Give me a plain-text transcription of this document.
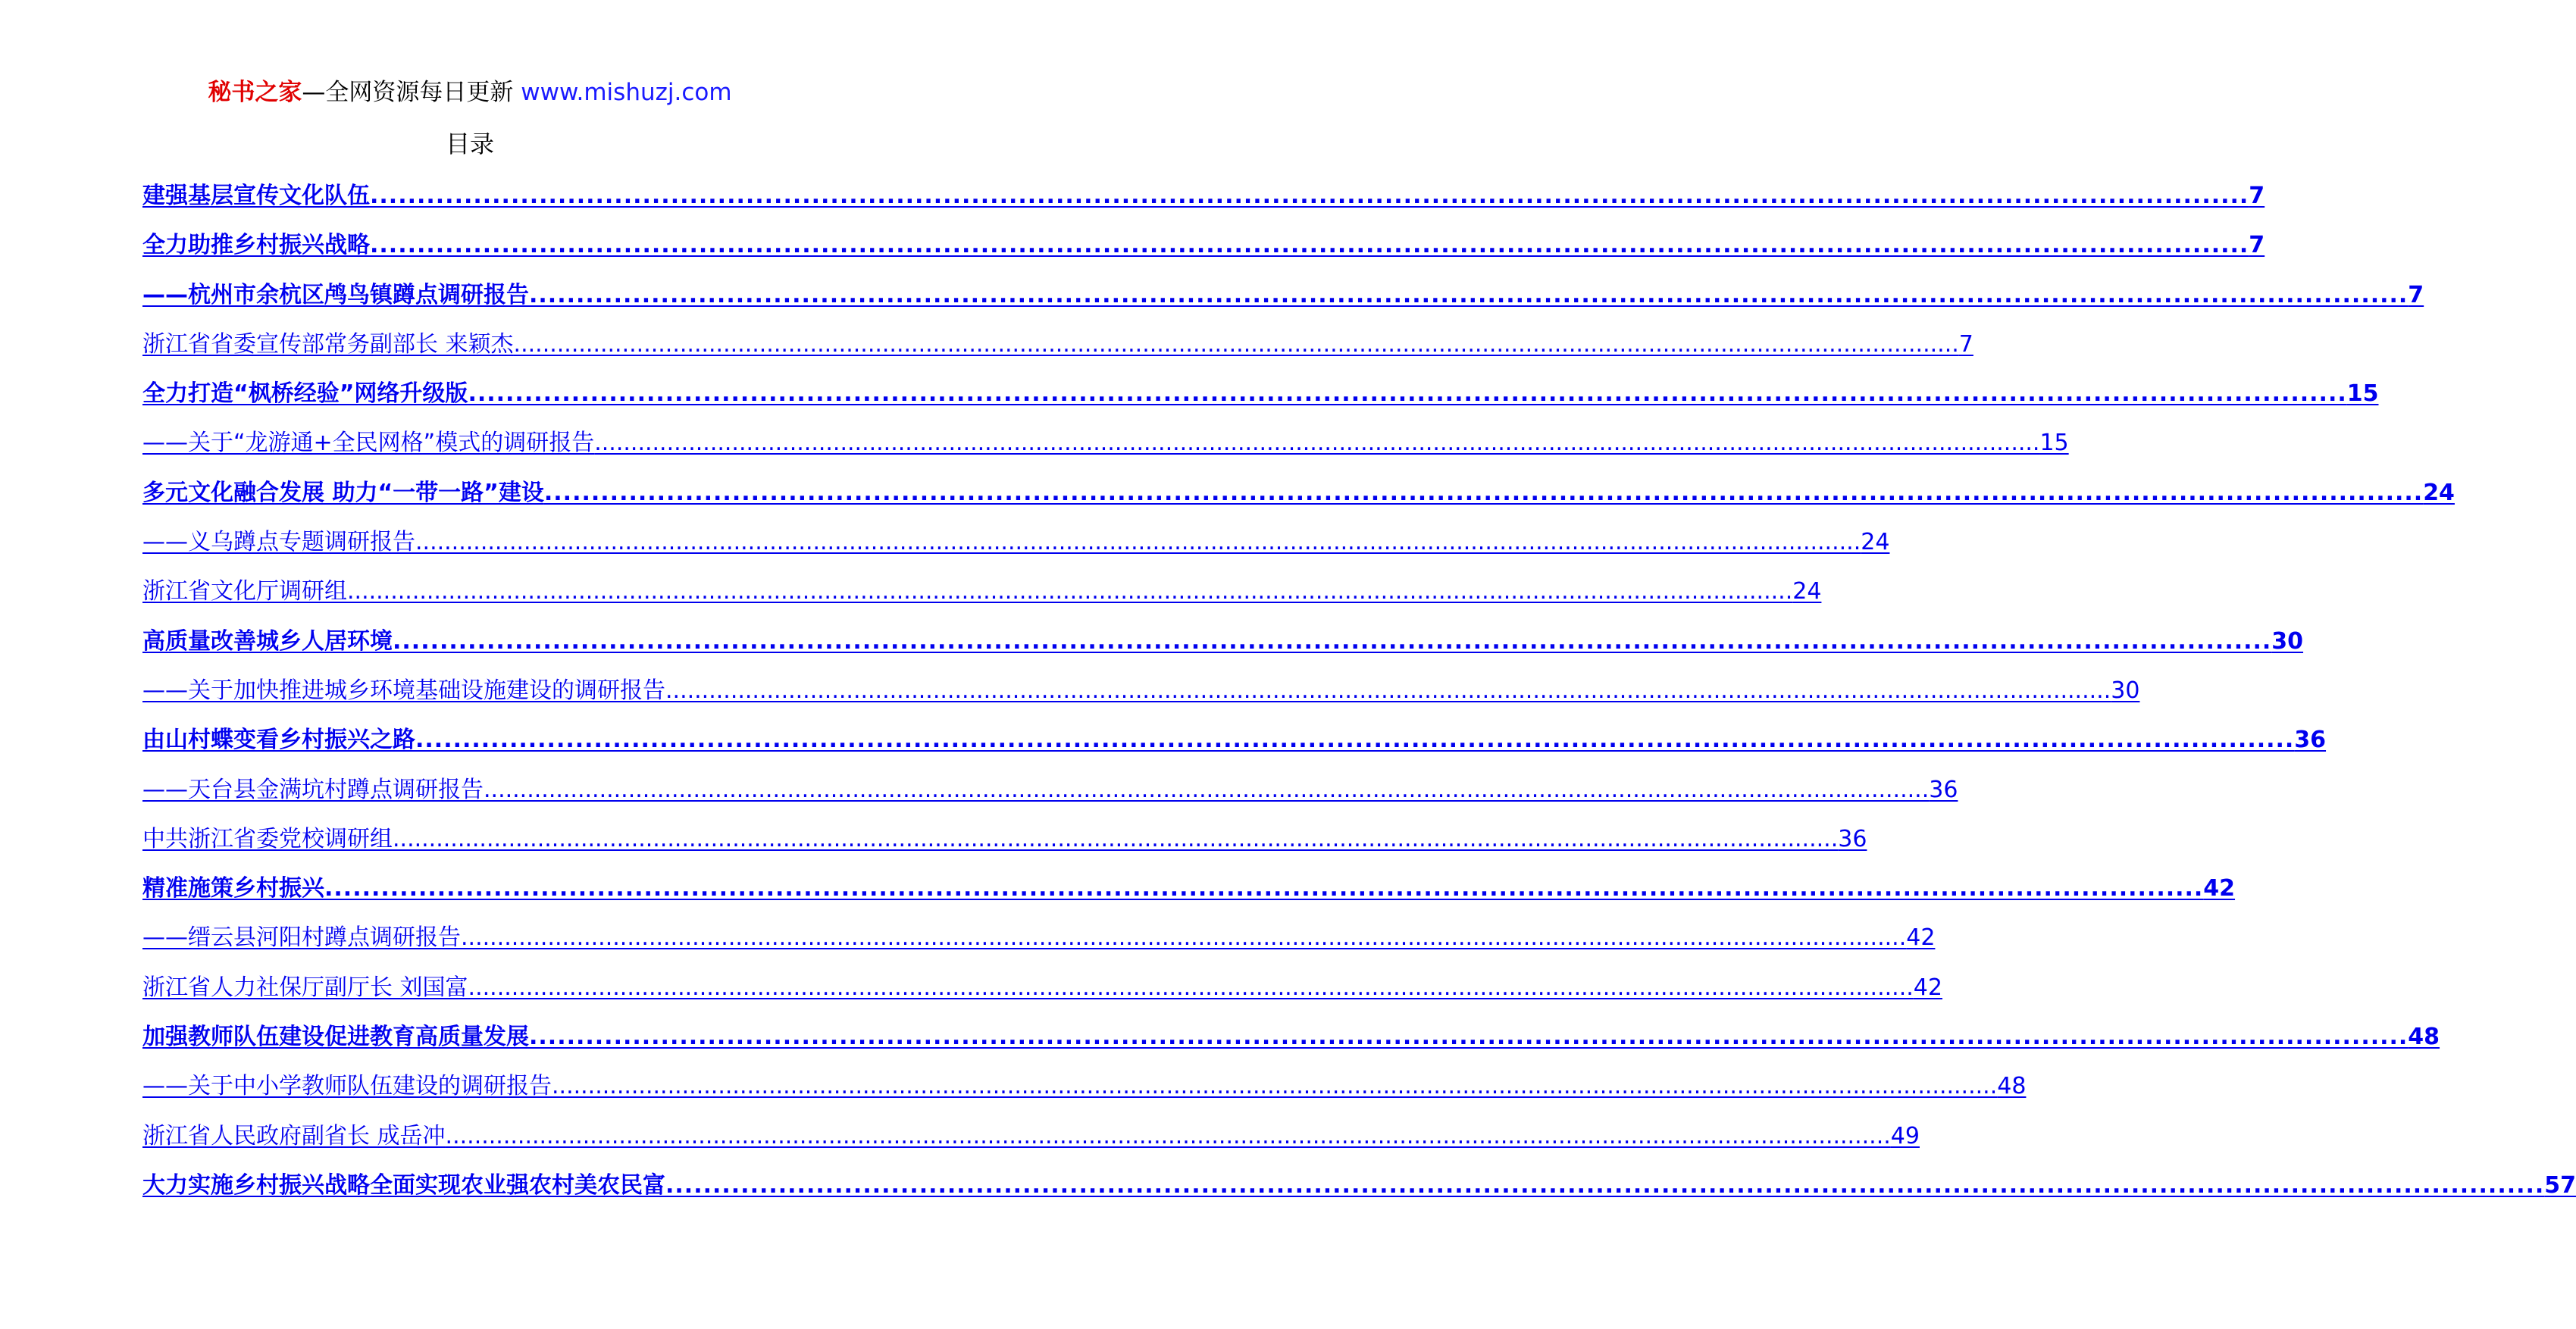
秘书之家—全网资源每日更新 www.mishuzj.com
目录
建强基层宣传文化队伍 ........................................................................................................................................................................................................ 7
全力助推乡村振兴战略 ........................................................................................................................................................................................................ 7
——杭州市余杭区鸬鸟镇蹲点调研报告 ........................................................................................................................................................................................................ 7
浙江省省委宣传部常务副部长 来颖杰 ........................................................................................................................................................................................................ 7
全力打造“枫桥经验”网络升级版 ........................................................................................................................................................................................................ 15
——关于“龙游通+全民网格”模式的调研报告 ........................................................................................................................................................................................................ 15
多元文化融合发展 助力“一带一路”建设 ........................................................................................................................................................................................................ 24
——义乌蹲点专题调研报告 ........................................................................................................................................................................................................ 24
浙江省文化厅调研组 ........................................................................................................................................................................................................ 24
高质量改善城乡人居环境 ........................................................................................................................................................................................................ 30
——关于加快推进城乡环境基础设施建设的调研报告 ........................................................................................................................................................................................................ 30
由山村蝶变看乡村振兴之路 ........................................................................................................................................................................................................ 36
——天台县金满坑村蹲点调研报告 ........................................................................................................................................................................................................ 36
中共浙江省委党校调研组 ........................................................................................................................................................................................................ 36
精准施策乡村振兴 ........................................................................................................................................................................................................ 42
——缙云县河阳村蹲点调研报告 ........................................................................................................................................................................................................ 42
浙江省人力社保厅副厅长 刘国富 ........................................................................................................................................................................................................ 42
加强教师队伍建设促进教育高质量发展 ........................................................................................................................................................................................................ 48
——关于中小学教师队伍建设的调研报告 ........................................................................................................................................................................................................ 48
浙江省人民政府副省长 成岳冲 ........................................................................................................................................................................................................ 49
大力实施乡村振兴战略全面实现农业强农村美农民富 ........................................................................................................................................................................................................ 57
